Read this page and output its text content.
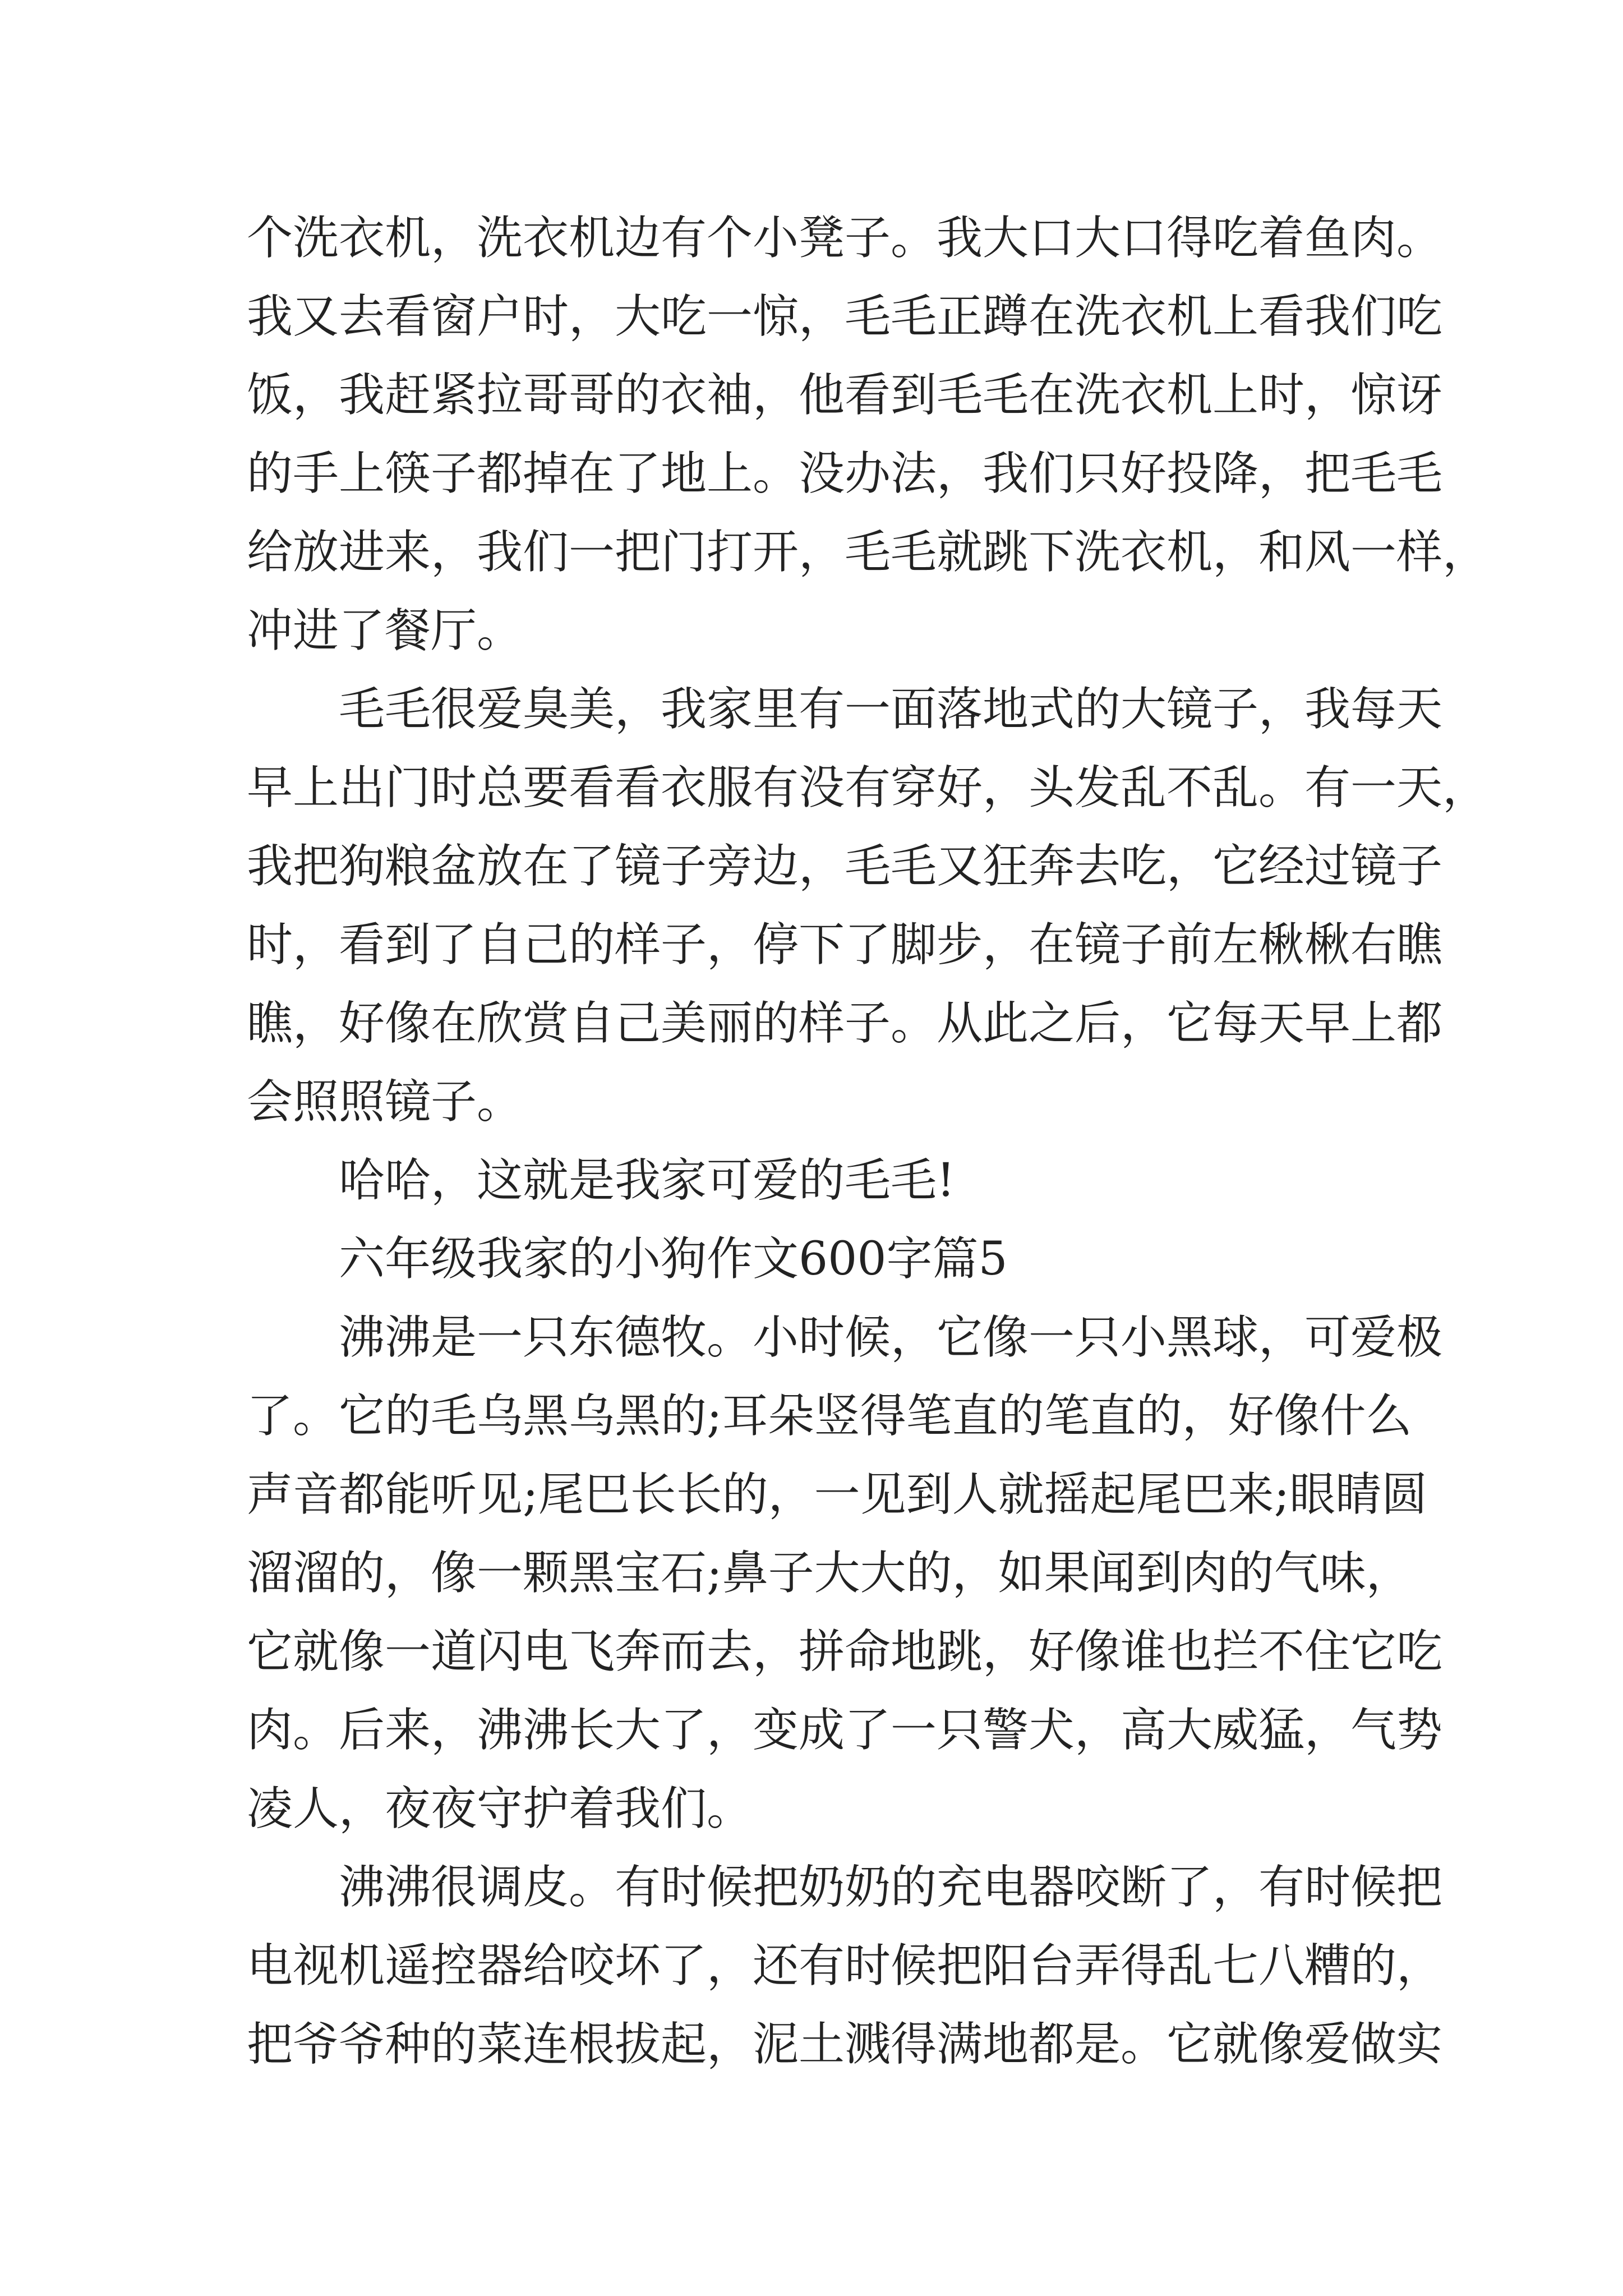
个洗衣机，洗衣机边有个小凳子。我大口大口得吃着鱼肉。
我又去看窗户时，大吃一惊，毛毛正蹲在洗衣机上看我们吃
饭，我赶紧拉哥哥的衣袖，他看到毛毛在洗衣机上时，惊讶
的手上筷子都掉在了地上。没办法，我们只好投降，把毛毛
给放进来，我们一把门打开，毛毛就跳下洗衣机，和风一样，
冲进了餐厅。
毛毛很爱臭美，我家里有一面落地式的大镜子，我每天
早上出门时总要看看衣服有没有穿好，头发乱不乱。有一天，
我把狗粮盆放在了镜子旁边，毛毛又狂奔去吃，它经过镜子
时，看到了自己的样子，停下了脚步，在镜子前左楸楸右瞧
瞧，好像在欣赏自己美丽的样子。从此之后，它每天早上都
会照照镜子。
哈哈，这就是我家可爱的毛毛!
六年级我家的小狗作文600字篇5
沸沸是一只东德牧。小时候，它像一只小黑球，可爱极
了。它的毛乌黑乌黑的;耳朵竖得笔直的笔直的，好像什么
声音都能听见;尾巴长长的，一见到人就摇起尾巴来;眼睛圆
溜溜的，像一颗黑宝石;鼻子大大的，如果闻到肉的气味，
它就像一道闪电飞奔而去，拼命地跳，好像谁也拦不住它吃
肉。后来，沸沸长大了，变成了一只警犬，高大威猛，气势
凌人，夜夜守护着我们。
沸沸很调皮。有时候把奶奶的充电器咬断了，有时候把
电视机遥控器给咬坏了，还有时候把阳台弄得乱七八糟的，
把爷爷种的菜连根拔起，泥土溅得满地都是。它就像爱做实
